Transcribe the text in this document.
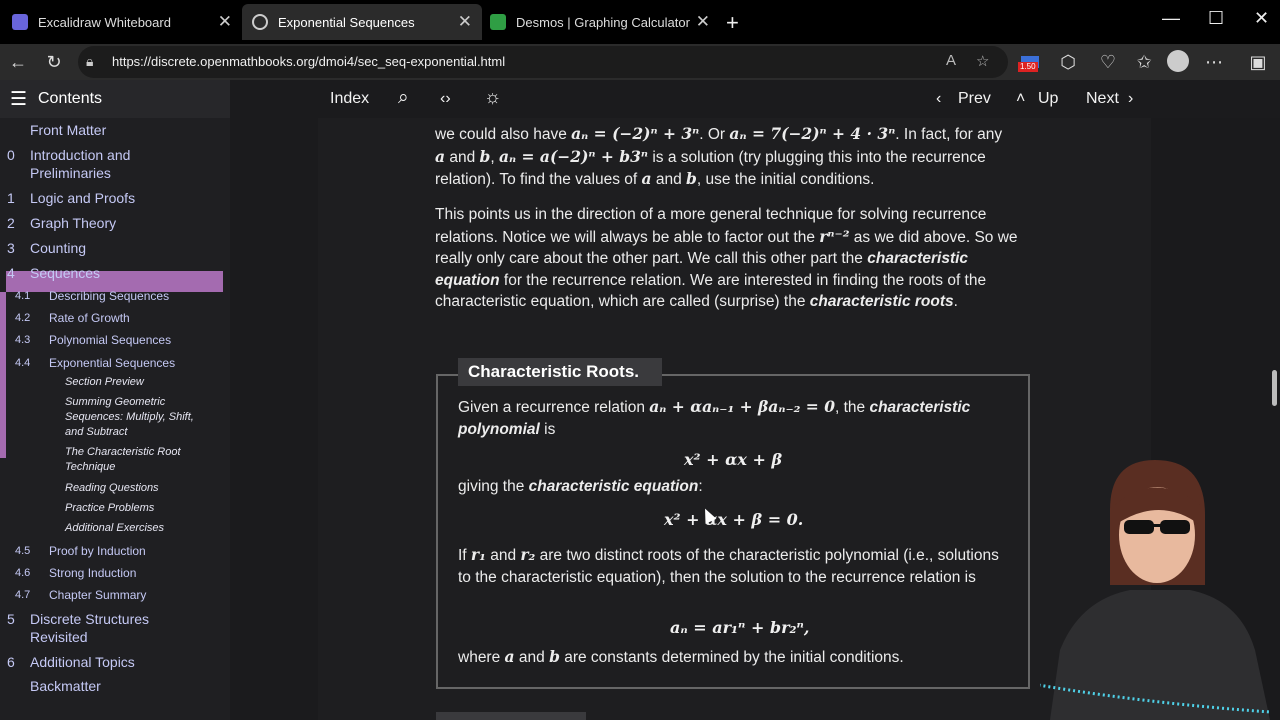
Excalidraw Whiteboard	✕	Exponential Sequences	✕	Desmos | Graphing Calculator ✕ +	— ☐ ✕
← ↻	🔒︎ https://discrete.openmathbooks.org/dmoi4/sec_seq-exponential.html	A ☆	1.50 ⬡ ♡ ✩	⋯ ▣
☰ Contents
Front Matter
0 Introduction and Preliminaries
1 Logic and Proofs
2 Graph Theory
3 Counting
4 Sequences
4.1 Describing Sequences
4.2 Rate of Growth
4.3 Polynomial Sequences
4.4 Exponential Sequences
Section Preview
Summing Geometric Sequences: Multiply, Shift, and Subtract
The Characteristic Root Technique
Reading Questions
Practice Problems
Additional Exercises
4.5 Proof by Induction
4.6 Strong Induction
4.7 Chapter Summary
5 Discrete Structures Revisited
6 Additional Topics
Backmatter
Index ⌕ ‹› ☼	‹ Prev ˄ Up Next ›
we could also have aₙ = (−2)ⁿ + 3ⁿ. Or aₙ = 7(−2)ⁿ + 4 · 3ⁿ. In fact, for any
a and b, aₙ = a(−2)ⁿ + b3ⁿ is a solution (try plugging this into the recurrence
relation). To find the values of a and b, use the initial conditions.
This points us in the direction of a more general technique for solving recurrence relations. Notice we will always be able to factor out the rⁿ⁻² as we did above. So we really only care about the other part. We call this other part the characteristic equation for the recurrence relation. We are interested in finding the roots of the characteristic equation, which are called (surprise) the characteristic roots.
Characteristic Roots.
Given a recurrence relation aₙ + αaₙ₋₁ + βaₙ₋₂ = 0, the characteristic polynomial is
x² + αx + β
giving the characteristic equation:
x² + αx + β = 0.
If r₁ and r₂ are two distinct roots of the characteristic polynomial (i.e., solutions to the characteristic equation), then the solution to the recurrence relation is
aₙ = ar₁ⁿ + br₂ⁿ,
where a and b are constants determined by the initial conditions.
